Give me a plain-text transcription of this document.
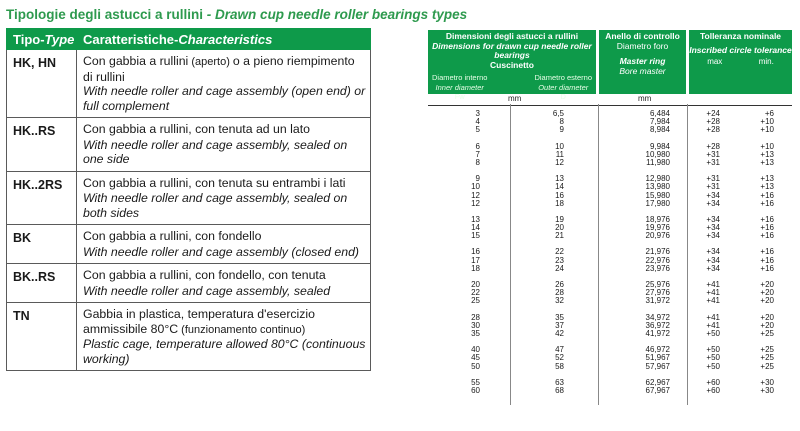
Tipologie degli astucci a rullini - Drawn cup needle roller bearings types
Tipo-Type	Caratteristiche-Characteristics
HK, HN	Con gabbia a rullini (aperto) o a pieno riempimento di rullini
With needle roller and cage assembly (open end) or full complement
HK..RS	Con gabbia a rullini, con tenuta ad un lato
With needle roller and cage assembly, sealed on one side
HK..2RS	Con gabbia a rullini, con tenuta su entrambi i lati
With needle roller and cage assembly, sealed on both sides
BK	Con gabbia a rullini, con fondello
With needle roller and cage assembly (closed end)
BK..RS	Con gabbia a rullini, con fondello, con tenuta
With needle roller and cage assembly, sealed
TN	Gabbia in plastica, temperatura d'esercizio ammissibile 80°C (funzionamento continuo)
Plastic cage, temperature allowed 80°C (continuous working)
Dimensioni degli astucci a rullini
Dimensions for drawn cup needle roller bearings
Cuscinetto
Diametro interno
Inner diameter
Fw
Diametro esterno
Outer diameter
D
Anello di controllo
Diametro foro
Master ring
Bore master
Tolleranza nominale
Inscribed circle tolerance
max	min.
mm	mm
3	6,5	6,484	+24	+6
4	8	7,984	+28	+10
5	9	8,984	+28	+10
6	10	9,984	+28	+10
7	11	10,980	+31	+13
8	12	11,980	+31	+13
9	13	12,980	+31	+13
10	14	13,980	+31	+13
12	16	15,980	+34	+16
12	18	17,980	+34	+16
13	19	18,976	+34	+16
14	20	19,976	+34	+16
15	21	20,976	+34	+16
16	22	21,976	+34	+16
17	23	22,976	+34	+16
18	24	23,976	+34	+16
20	26	25,976	+41	+20
22	28	27,976	+41	+20
25	32	31,972	+41	+20
28	35	34,972	+41	+20
30	37	36,972	+41	+20
35	42	41,972	+50	+25
40	47	46,972	+50	+25
45	52	51,967	+50	+25
50	58	57,967	+50	+25
55	63	62,967	+60	+30
60	68	67,967	+60	+30
